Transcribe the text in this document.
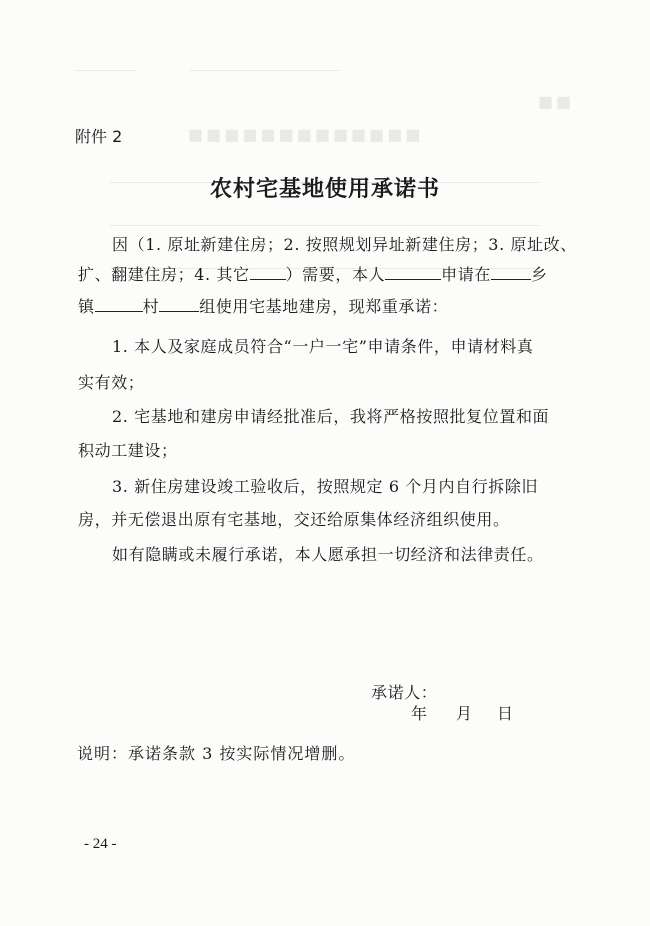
■■
■■■■■■■■■■■■■
附件 2
农村宅基地使用承诺书
因（1. 原址新建住房；2. 按照规划异址新建住房；3. 原址改、
扩、翻建住房；4. 其它 ）需要，本人	申请在	乡
镇	村	组使用宅基地建房，现郑重承诺：
1. 本人及家庭成员符合“一户一宅”申请条件，申请材料真
实有效；
2. 宅基地和建房申请经批准后，我将严格按照批复位置和面
积动工建设；
3. 新住房建设竣工验收后，按照规定 6 个月内自行拆除旧
房，并无偿退出原有宅基地，交还给原集体经济组织使用。
如有隐瞒或未履行承诺，本人愿承担一切经济和法律责任。
承诺人：
年 月 日
说明：承诺条款 3 按实际情况增删。
- 24 -
